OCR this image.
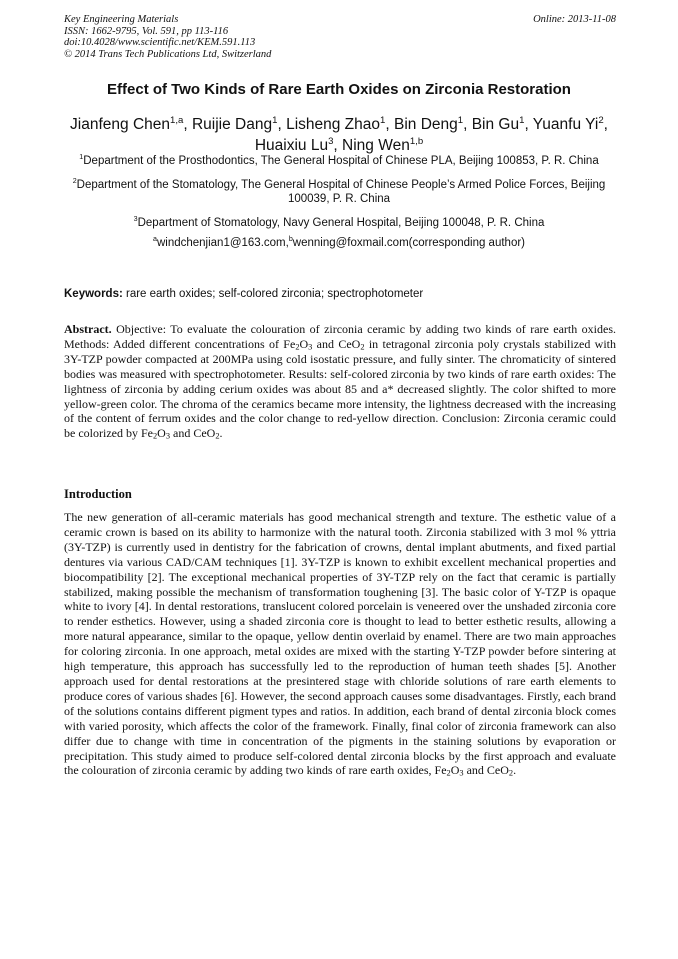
Key Engineering Materials
ISSN: 1662-9795, Vol. 591, pp 113-116
doi:10.4028/www.scientific.net/KEM.591.113
© 2014 Trans Tech Publications Ltd, Switzerland
Online: 2013-11-08
Effect of Two Kinds of Rare Earth Oxides on Zirconia Restoration
Jianfeng Chen$^{1,a}$, Ruijie Dang$^1$, Lisheng Zhao$^1$, Bin Deng$^1$, Bin Gu$^1$, Yuanfu Yi$^2$,
Huaixiu Lu$^3$, Ning Wen$^{1,b}$
$^1$Department of the Prosthodontics, The General Hospital of Chinese PLA, Beijing 100853, P. R. China
$^2$Department of the Stomatology, The General Hospital of Chinese People’s Armed Police Forces, Beijing 100039, P. R. China
$^3$Department of Stomatology, Navy General Hospital, Beijing 100048, P. R. China
$^a$windchenjian1@163.com,$^b$wenning@foxmail.com(corresponding author)
Keywords: rare earth oxides; self-colored zirconia; spectrophotometer

Abstract. Objective: To evaluate the colouration of zirconia ceramic by adding two kinds of rare earth oxides. Methods: Added different concentrations of $Fe_2O_3$ and CeO$_2$ in tetragonal zirconia poly crystals stabilized with 3Y-TZP powder compacted at 200MPa using cold isostatic pressure, and fully sinter. The chromaticity of sintered bodies was measured with spectrophotometer. Results: self-colored zirconia by two kinds of rare earth oxides: The lightness of zirconia by adding cerium oxides was about 85 and a* decreased slightly. The color shifted to more yellow-green color. The chroma of the ceramics became more intensity, the lightness decreased with the increasing of the content of ferrum oxides and the color change to red-yellow direction. Conclusion: Zirconia ceramic could be colorized by $Fe_2O_3$ and CeO$_2$.

Introduction

The new generation of all-ceramic materials has good mechanical strength and texture. The esthetic value of a ceramic crown is based on its ability to harmonize with the natural tooth. Zirconia stabilized with 3 mol % yttria (3Y-TZP) is currently used in dentistry for the fabrication of crowns, dental implant abutments, and fixed partial dentures via various CAD/CAM techniques [1]. 3Y-TZP is known to exhibit excellent mechanical properties and biocompatibility [2]. The exceptional mechanical properties of 3Y-TZP rely on the fact that ceramic is partially stabilized, making possible the mechanism of transformation toughening [3]. The basic color of Y-TZP is opaque white to ivory [4]. In dental restorations, translucent colored porcelain is veneered over the unshaded zirconia core to render esthetics. However, using a shaded zirconia core is thought to lead to better esthetic results, allowing a more natural appearance, similar to the opaque, yellow dentin overlaid by enamel. There are two main approaches for coloring zirconia. In one approach, metal oxides are mixed with the starting Y-TZP powder before sintering at high temperature, this approach has successfully led to the reproduction of human teeth shades [5]. Another approach used for dental restorations at the presintered stage with chloride solutions of rare earth elements to produce cores of various shades [6]. However, the second approach causes some disadvantages. Firstly, each brand of the solutions contains different pigment types and ratios. In addition, each brand of dental zirconia block comes with varied porosity, which affects the color of the framework. Finally, final color of zirconia framework can also differ due to change with time in concentration of the pigments in the staining solutions by evaporation or precipitation. This study aimed to produce self-colored dental zirconia blocks by the first approach and evaluate the colouration of zirconia ceramic by adding two kinds of rare earth oxides, $Fe_2O_3$ and CeO$_2$.
